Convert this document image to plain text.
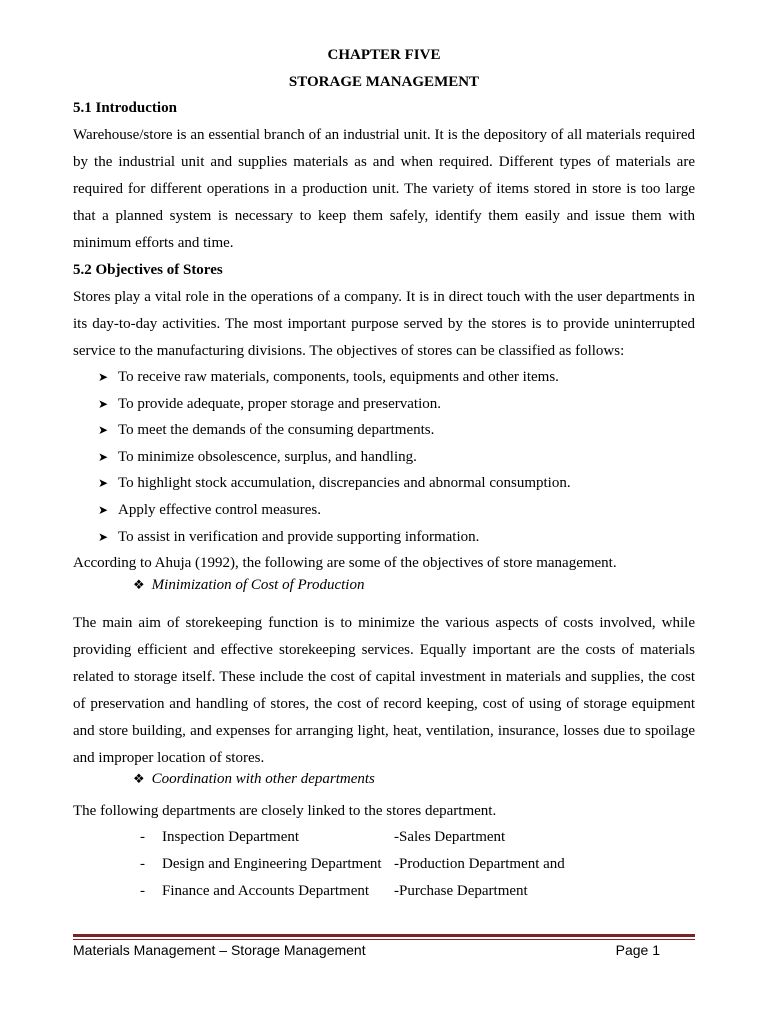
CHAPTER FIVE
STORAGE MANAGEMENT
5.1 Introduction
Warehouse/store is an essential branch of an industrial unit. It is the depository of all materials required by the industrial unit and supplies materials as and when required. Different types of materials are required for different operations in a production unit. The variety of items stored in store is too large that a planned system is necessary to keep them safely, identify them easily and issue them with minimum efforts and time.
5.2 Objectives of Stores
Stores play a vital role in the operations of a company. It is in direct touch with the user departments in its day-to-day activities. The most important purpose served by the stores is to provide uninterrupted service to the manufacturing divisions. The objectives of stores can be classified as follows:
➤ To receive raw materials, components, tools, equipments and other items.
➤ To provide adequate, proper storage and preservation.
➤ To meet the demands of the consuming departments.
➤ To minimize obsolescence, surplus, and handling.
➤ To highlight stock accumulation, discrepancies and abnormal consumption.
➤ Apply effective control measures.
➤ To assist in verification and provide supporting information.
According to Ahuja (1992), the following are some of the objectives of store management.
❖ Minimization of Cost of Production
The main aim of storekeeping function is to minimize the various aspects of costs involved, while providing efficient and effective storekeeping services. Equally important are the costs of materials related to storage itself. These include the cost of capital investment in materials and supplies, the cost of preservation and handling of stores, the cost of record keeping, cost of using of storage equipment and store building, and expenses for arranging light, heat, ventilation, insurance, losses due to spoilage and improper location of stores.
❖ Coordination with other departments
The following departments are closely linked to the stores department.
- Inspection Department	-Sales Department
- Design and Engineering Department -Production Department and
- Finance and Accounts Department -Purchase Department
Materials Management – Storage Management	Page 1
